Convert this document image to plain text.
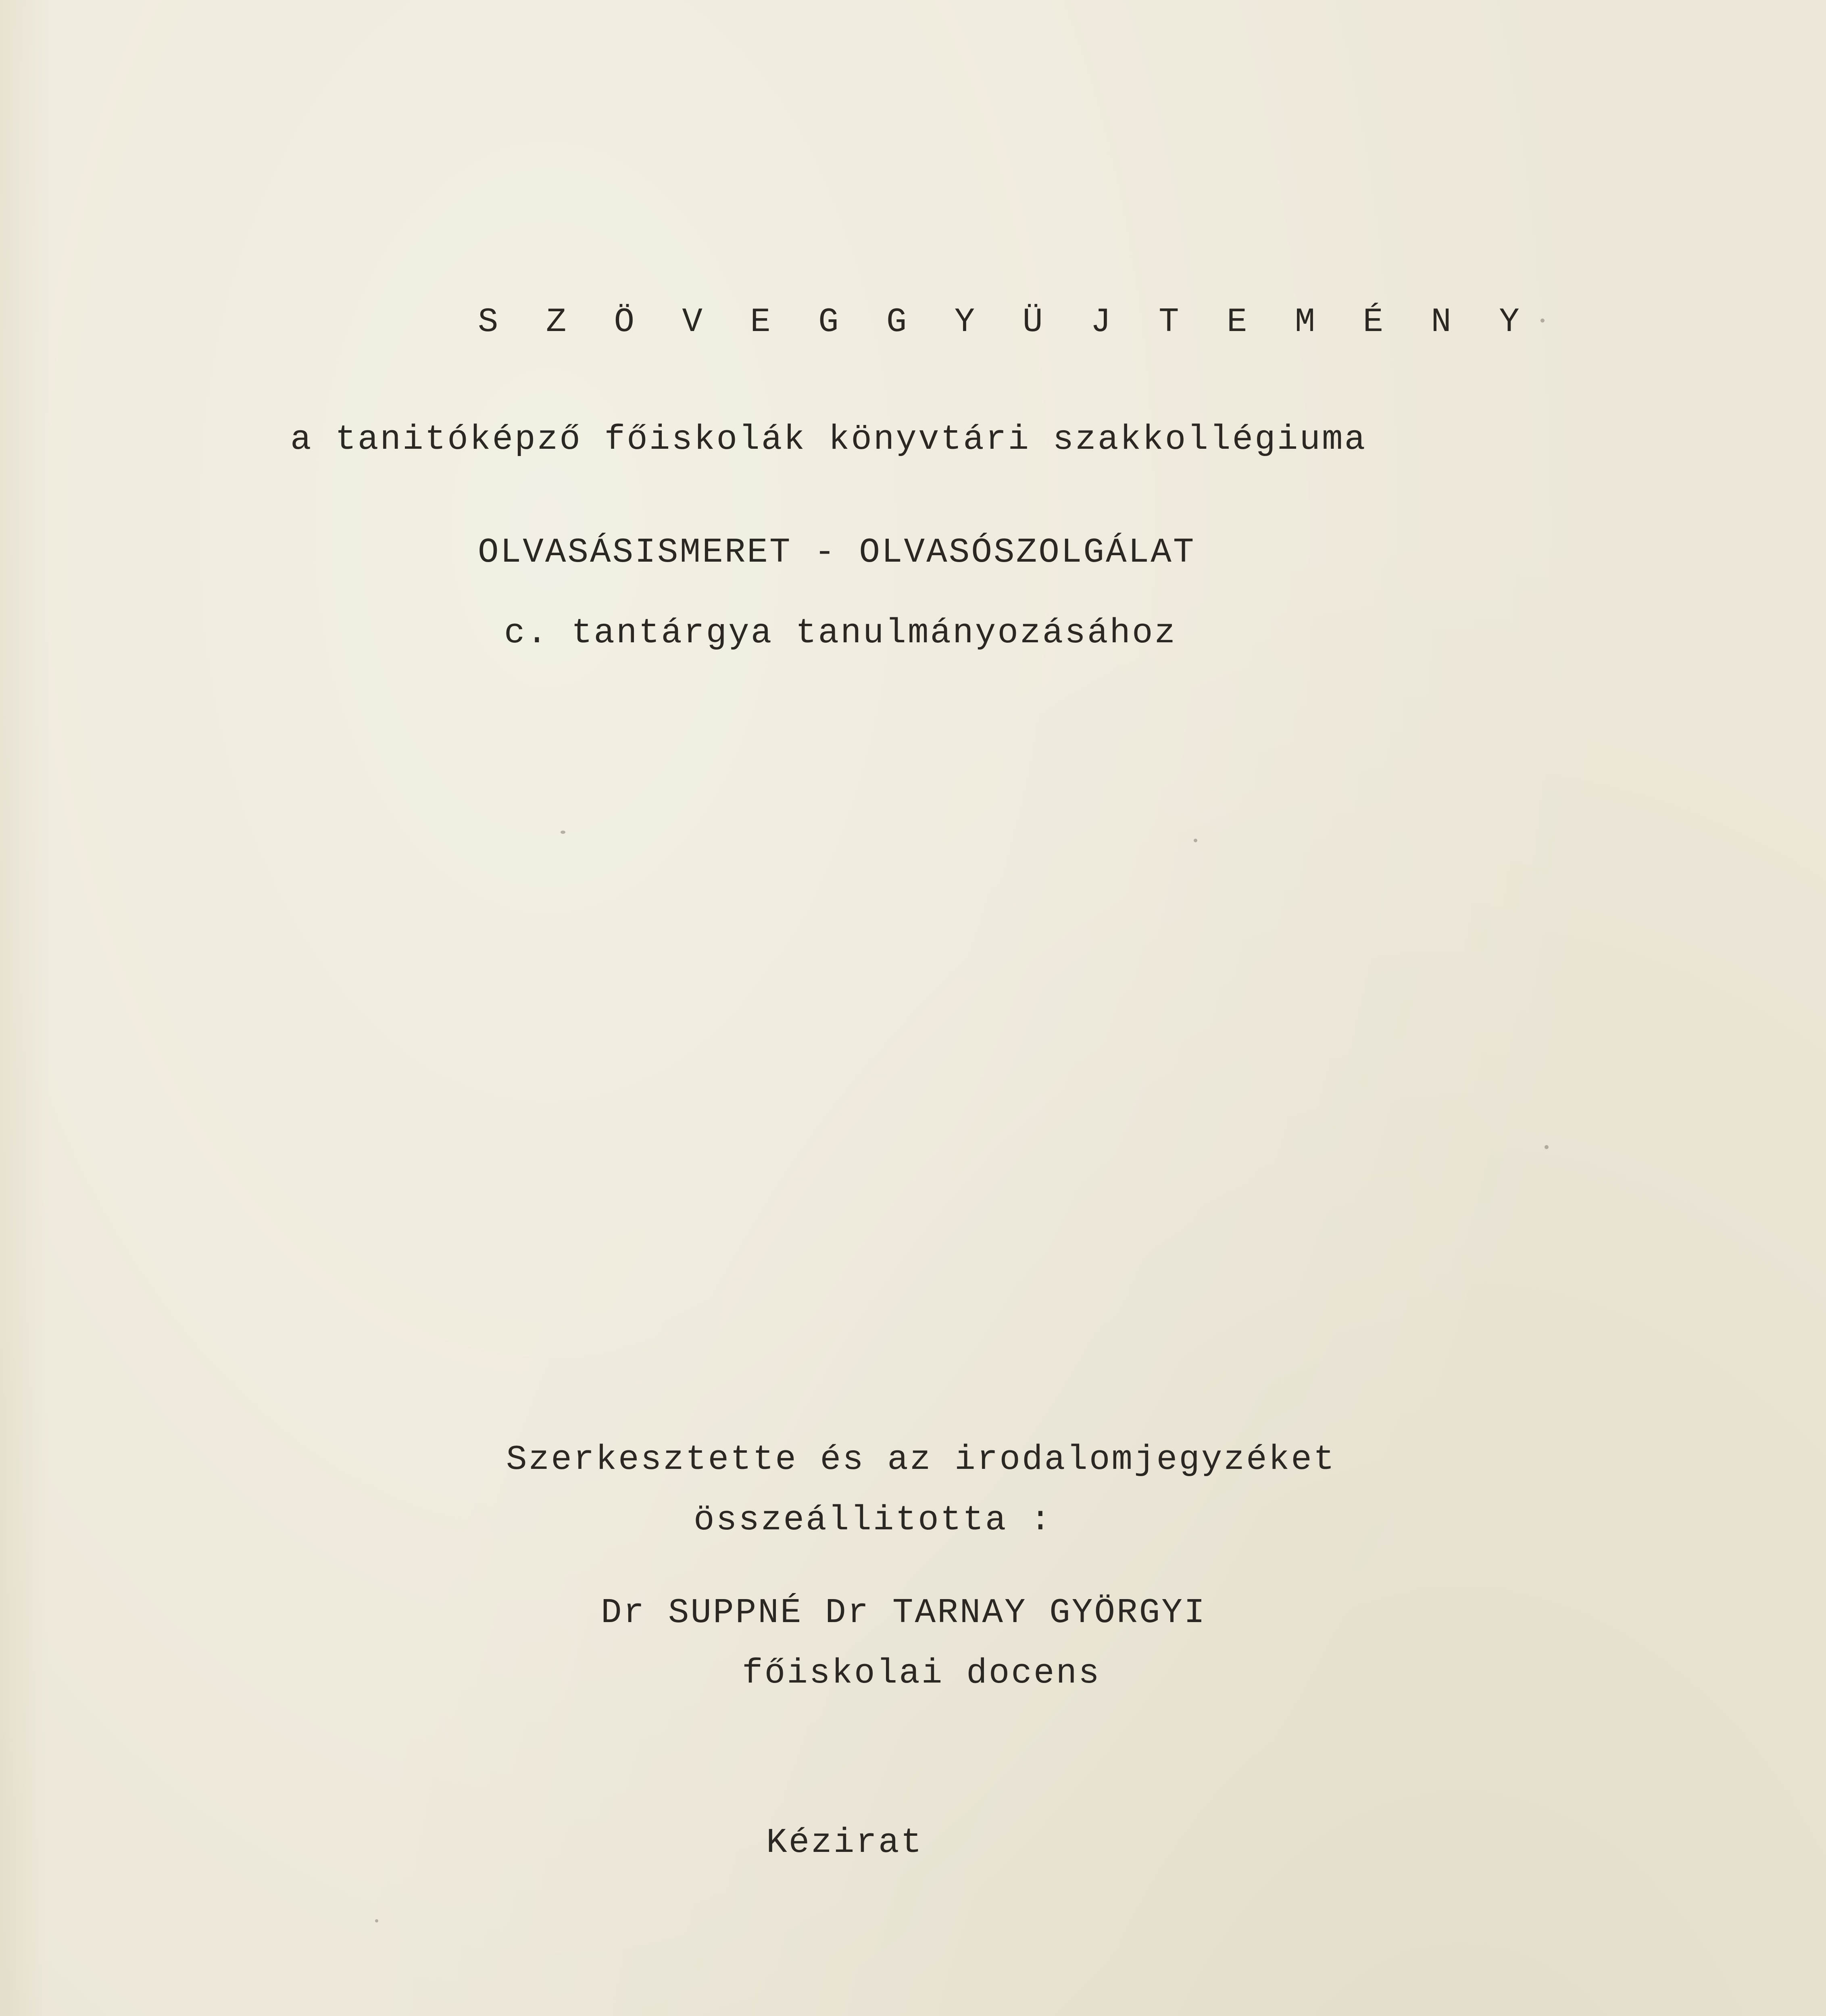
S Z Ö V E G G Y Ü J T E M É N Y
a tanitóképző főiskolák könyvtári szakkollégiuma
OLVASÁSISMERET - OLVASÓSZOLGÁLAT
c. tantárgya tanulmányozásához
Szerkesztette és az irodalomjegyzéket
összeállitotta :
Dr SUPPNÉ Dr TARNAY GYÖRGYI
főiskolai docens
Kézirat
